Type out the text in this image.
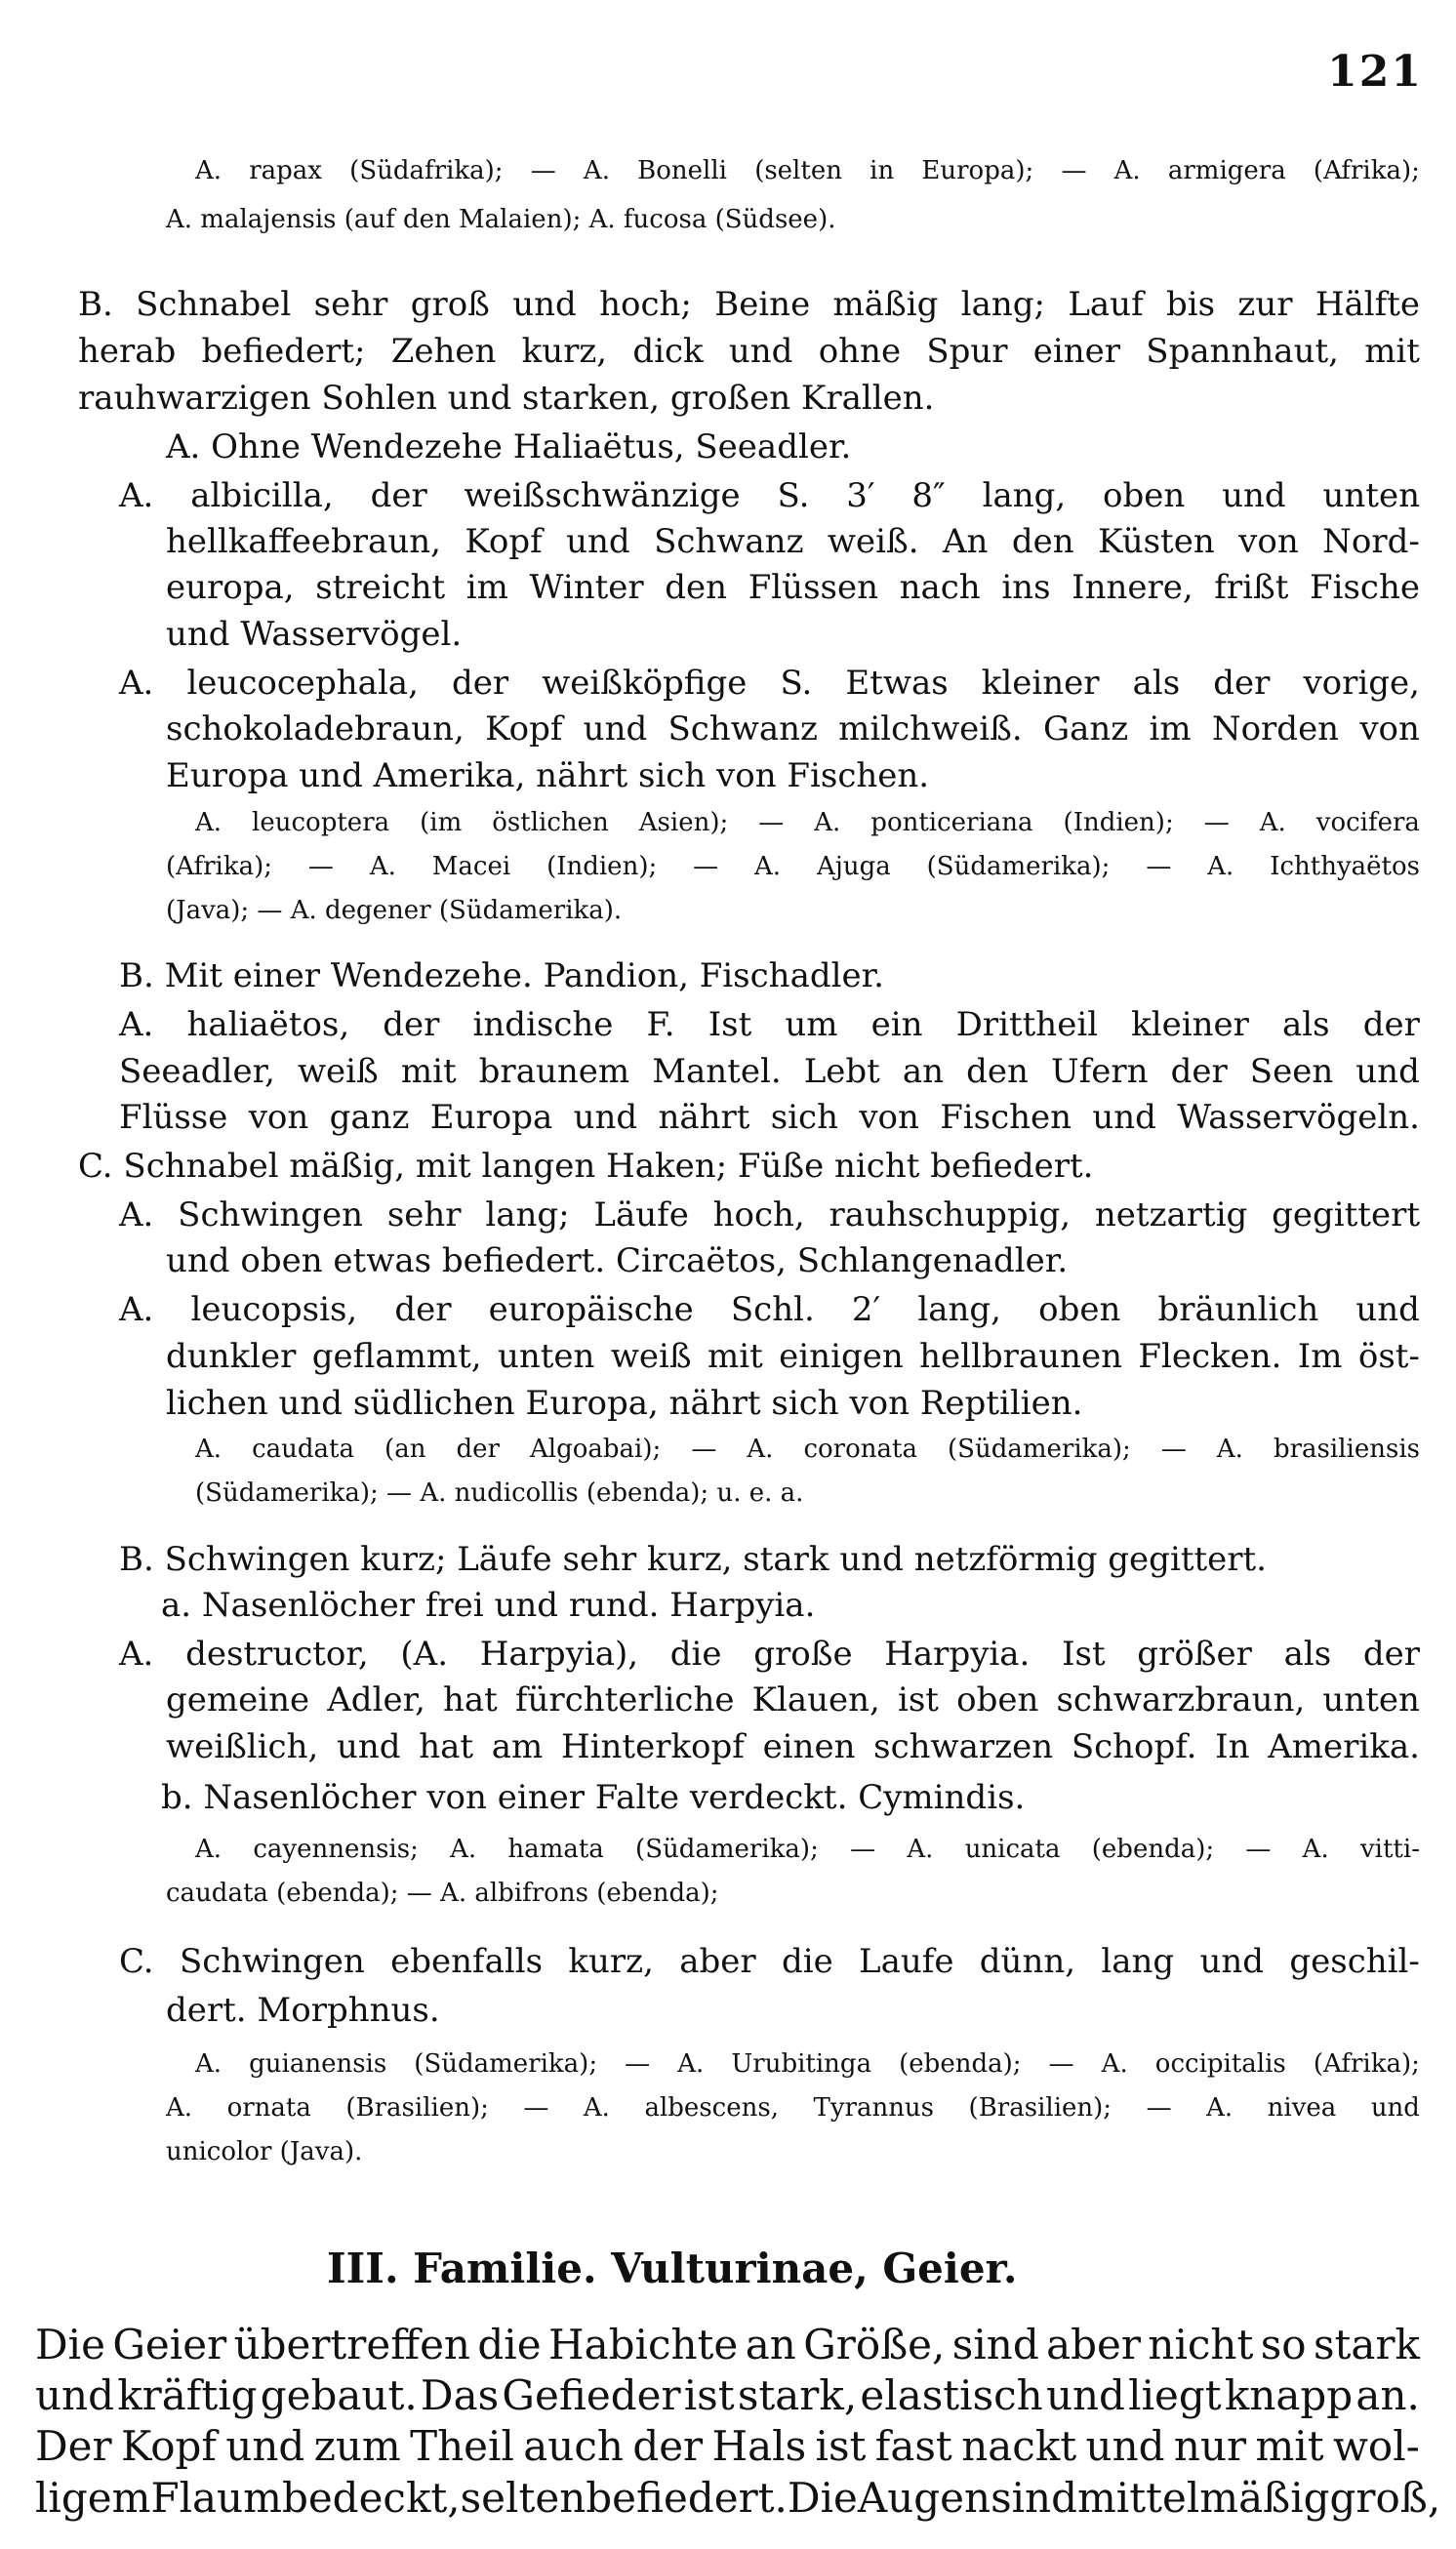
121
A. rapax (Südafrika); — A. Bonelli (selten in Europa); — A. armigera (Afrika);
A. malajensis (auf den Malaien); A. fucosa (Südsee).
B. Schnabel sehr groß und hoch; Beine mäßig lang; Lauf bis zur Hälfte
herab befiedert; Zehen kurz, dick und ohne Spur einer Spannhaut, mit
rauhwarzigen Sohlen und starken, großen Krallen.
A. Ohne Wendezehe Haliaëtus, Seeadler.
A. albicilla, der weißschwänzige S. 3′ 8″ lang, oben und unten
hellkaffeebraun, Kopf und Schwanz weiß. An den Küsten von Nord-
europa, streicht im Winter den Flüssen nach ins Innere, frißt Fische
und Wasservögel.
A. leucocephala, der weißköpfige S. Etwas kleiner als der vorige,
schokoladebraun, Kopf und Schwanz milchweiß. Ganz im Norden von
Europa und Amerika, nährt sich von Fischen.
A. leucoptera (im östlichen Asien); — A. ponticeriana (Indien); — A. vocifera
(Afrika); — A. Macei (Indien); — A. Ajuga (Südamerika); — A. Ichthyaëtos
(Java); — A. degener (Südamerika).
B. Mit einer Wendezehe. Pandion, Fischadler.
A. haliaëtos, der indische F. Ist um ein Drittheil kleiner als der
Seeadler, weiß mit braunem Mantel. Lebt an den Ufern der Seen und
Flüsse von ganz Europa und nährt sich von Fischen und Wasservögeln.
C. Schnabel mäßig, mit langen Haken; Füße nicht befiedert.
A. Schwingen sehr lang; Läufe hoch, rauhschuppig, netzartig gegittert
und oben etwas befiedert. Circaëtos, Schlangenadler.
A. leucopsis, der europäische Schl. 2′ lang, oben bräunlich und
dunkler geflammt, unten weiß mit einigen hellbraunen Flecken. Im öst-
lichen und südlichen Europa, nährt sich von Reptilien.
A. caudata (an der Algoabai); — A. coronata (Südamerika); — A. brasiliensis
(Südamerika); — A. nudicollis (ebenda); u. e. a.
B. Schwingen kurz; Läufe sehr kurz, stark und netzförmig gegittert.
a. Nasenlöcher frei und rund. Harpyia.
A. destructor, (A. Harpyia), die große Harpyia. Ist größer als der
gemeine Adler, hat fürchterliche Klauen, ist oben schwarzbraun, unten
weißlich, und hat am Hinterkopf einen schwarzen Schopf. In Amerika.
b. Nasenlöcher von einer Falte verdeckt. Cymindis.
A. cayennensis; A. hamata (Südamerika); — A. unicata (ebenda); — A. vitti-
caudata (ebenda); — A. albifrons (ebenda);
C. Schwingen ebenfalls kurz, aber die Laufe dünn, lang und geschil-
dert. Morphnus.
A. guianensis (Südamerika); — A. Urubitinga (ebenda); — A. occipitalis (Afrika);
A. ornata (Brasilien); — A. albescens, Tyrannus (Brasilien); — A. nivea und
unicolor (Java).
III. Familie. Vulturinae, Geier.
Die Geier übertreffen die Habichte an Größe, sind aber nicht so stark
und kräftig gebaut. Das Gefieder ist stark, elastisch und liegt knapp an.
Der Kopf und zum Theil auch der Hals ist fast nackt und nur mit wol-
ligem Flaum bedeckt, selten befiedert. Die Augen sind mittelmäßig groß,
